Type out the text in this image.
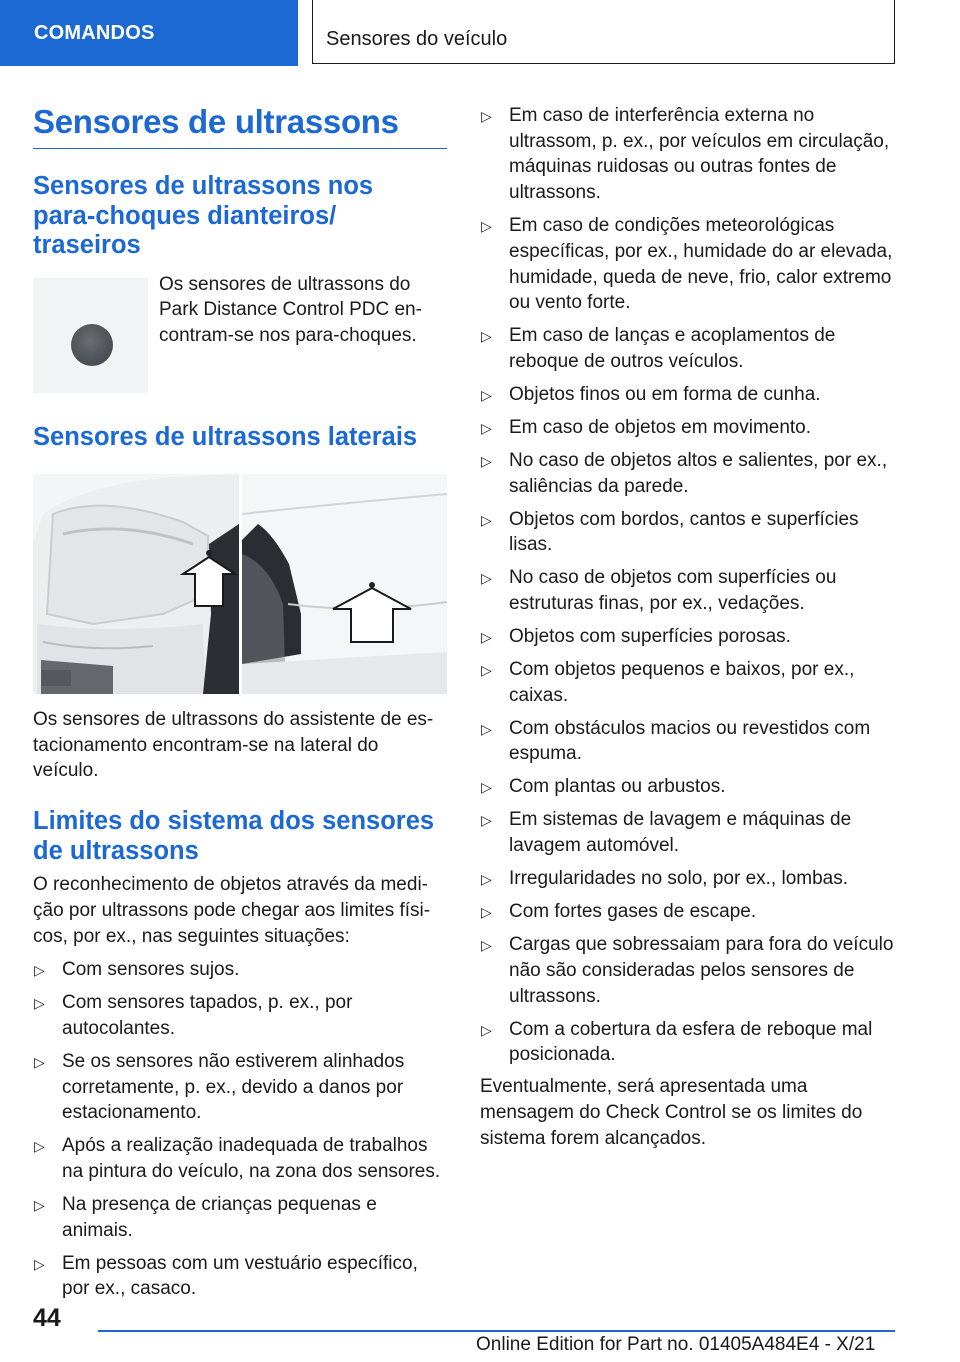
COMANDOS	Sensores do veículo
Sensores de ultrassons
Sensores de ultrassons nos
para-choques dianteiros/
traseiros

Os sensores de ultrassons do
Park Distance Control PDC en-
contram-se nos para-choques.

Sensores de ultrassons laterais

Os sensores de ultrassons do assistente de es-
tacionamento encontram-se na lateral do veículo.

Limites do sistema dos sensores
de ultrassons

O reconhecimento de objetos através da medi-
ção por ultrassons pode chegar aos limites físi-
cos, por ex., nas seguintes situações:

▷ Com sensores sujos.
▷ Com sensores tapados, p. ex., por autocolantes.
▷ Se os sensores não estiverem alinhados corretamente, p. ex., devido a danos por estacionamento.
▷ Após a realização inadequada de trabalhos na pintura do veículo, na zona dos sensores.
▷ Na presença de crianças pequenas e animais.
▷ Em pessoas com um vestuário específico, por ex., casaco.
▷ Em caso de interferência externa no ultrassom, p. ex., por veículos em circulação, máquinas ruidosas ou outras fontes de ultrassons.
▷ Em caso de condições meteorológicas específicas, por ex., humidade do ar elevada, humidade, queda de neve, frio, calor extremo ou vento forte.
▷ Em caso de lanças e acoplamentos de reboque de outros veículos.
▷ Objetos finos ou em forma de cunha.
▷ Em caso de objetos em movimento.
▷ No caso de objetos altos e salientes, por ex., saliências da parede.
▷ Objetos com bordos, cantos e superfícies lisas.
▷ No caso de objetos com superfícies ou estruturas finas, por ex., vedações.
▷ Objetos com superfícies porosas.
▷ Com objetos pequenos e baixos, por ex., caixas.
▷ Com obstáculos macios ou revestidos com espuma.
▷ Com plantas ou arbustos.
▷ Em sistemas de lavagem e máquinas de lavagem automóvel.
▷ Irregularidades no solo, por ex., lombas.
▷ Com fortes gases de escape.
▷ Cargas que sobressaiam para fora do veículo não são consideradas pelos sensores de ultrassons.
▷ Com a cobertura da esfera de reboque mal posicionada.

Eventualmente, será apresentada uma mensagem do Check Control se os limites do sistema forem alcançados.

44
Online Edition for Part no. 01405A484E4 - X/21
